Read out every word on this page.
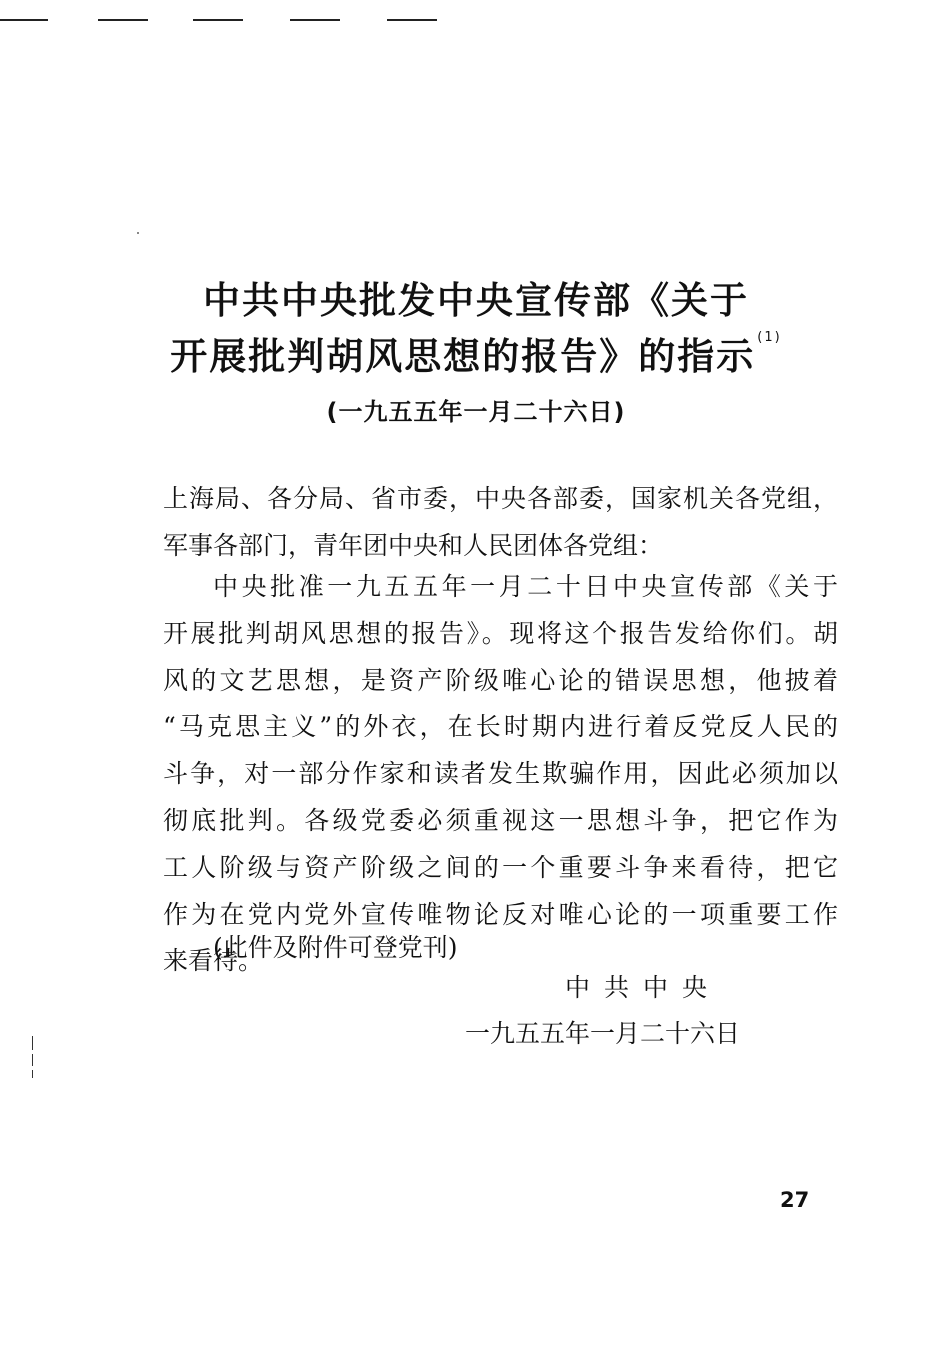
中共中央批发中央宣传部《关于
开展批判胡风思想的报告》的指示 $^{(1)}$
(一九五五年一月二十六日)
上海局、各分局、省市委，中央各部委，国家机关各党组，
军事各部门，青年团中央和人民团体各党组：
中央批准一九五五年一月二十日中央宣传部《关于
开展批判胡风思想的报告》。现将这个报告发给你们。胡
风的文艺思想，是资产阶级唯心论的错误思想，他披着
“马克思主义”的外衣，在长时期内进行着反党反人民的
斗争，对一部分作家和读者发生欺骗作用，因此必须加以
彻底批判。各级党委必须重视这一思想斗争，把它作为
工人阶级与资产阶级之间的一个重要斗争来看待，把它
作为在党内党外宣传唯物论反对唯心论的一项重要工作
来看待。
(此件及附件可登党刊)
中共中央
一九五五年一月二十六日
27
